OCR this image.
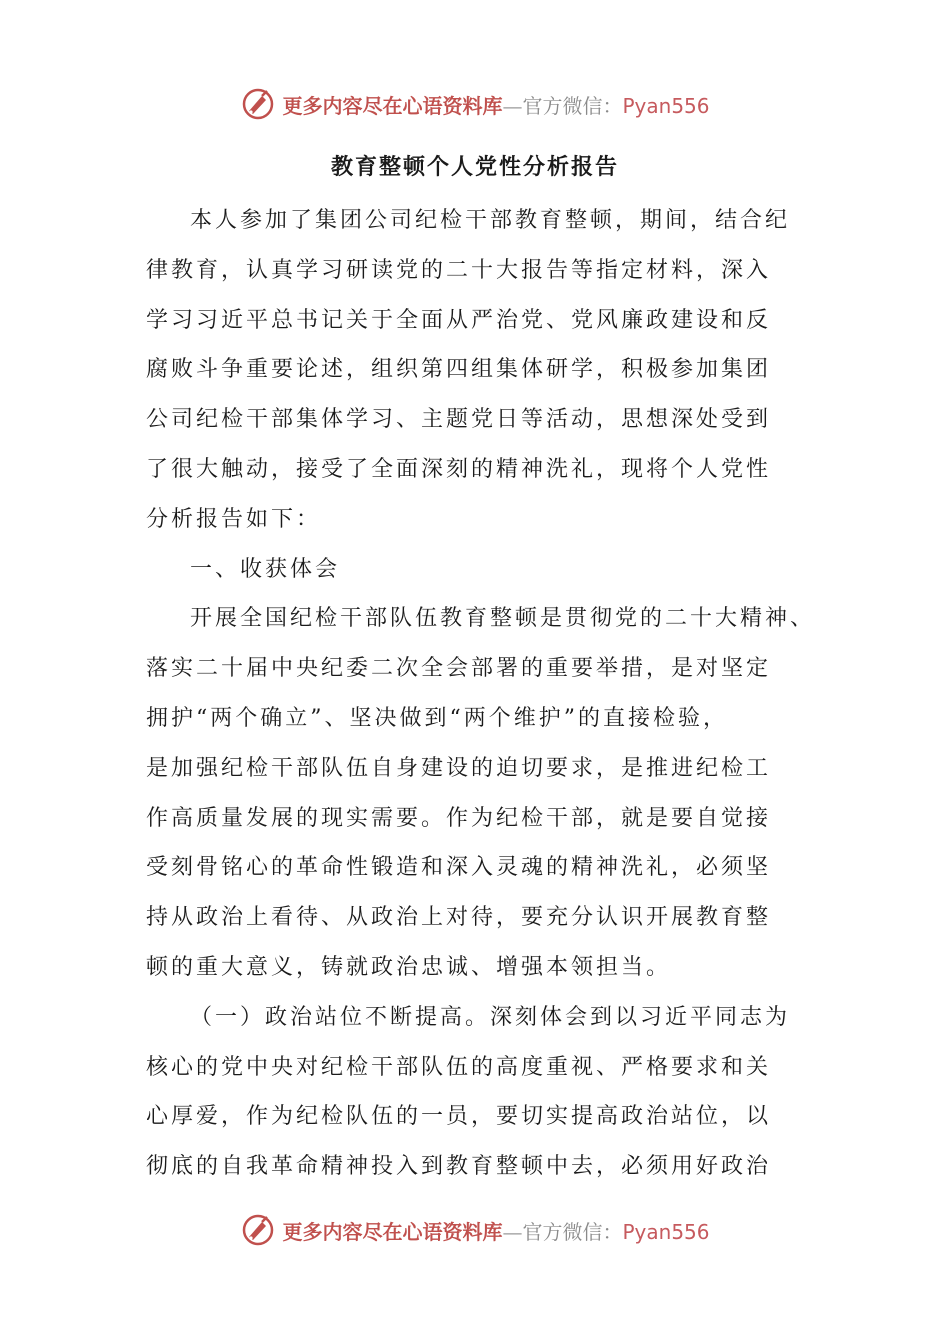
更多内容尽在心语资料库—官方微信：Pyan556
教育整顿个人党性分析报告
本人参加了集团公司纪检干部教育整顿，期间，结合纪
律教育，认真学习研读党的二十大报告等指定材料，深入
学习习近平总书记关于全面从严治党、党风廉政建设和反
腐败斗争重要论述，组织第四组集体研学，积极参加集团
公司纪检干部集体学习、主题党日等活动，思想深处受到
了很大触动，接受了全面深刻的精神洗礼，现将个人党性
分析报告如下：
一、收获体会
开展全国纪检干部队伍教育整顿是贯彻党的二十大精神、
落实二十届中央纪委二次全会部署的重要举措，是对坚定
拥护“两个确立”、坚决做到“两个维护”的直接检验，
是加强纪检干部队伍自身建设的迫切要求，是推进纪检工
作高质量发展的现实需要。作为纪检干部，就是要自觉接
受刻骨铭心的革命性锻造和深入灵魂的精神洗礼，必须坚
持从政治上看待、从政治上对待，要充分认识开展教育整
顿的重大意义，铸就政治忠诚、增强本领担当。
（一）政治站位不断提高。深刻体会到以习近平同志为
核心的党中央对纪检干部队伍的高度重视、严格要求和关
心厚爱，作为纪检队伍的一员，要切实提高政治站位，以
彻底的自我革命精神投入到教育整顿中去，必须用好政治
更多内容尽在心语资料库—官方微信：Pyan556
